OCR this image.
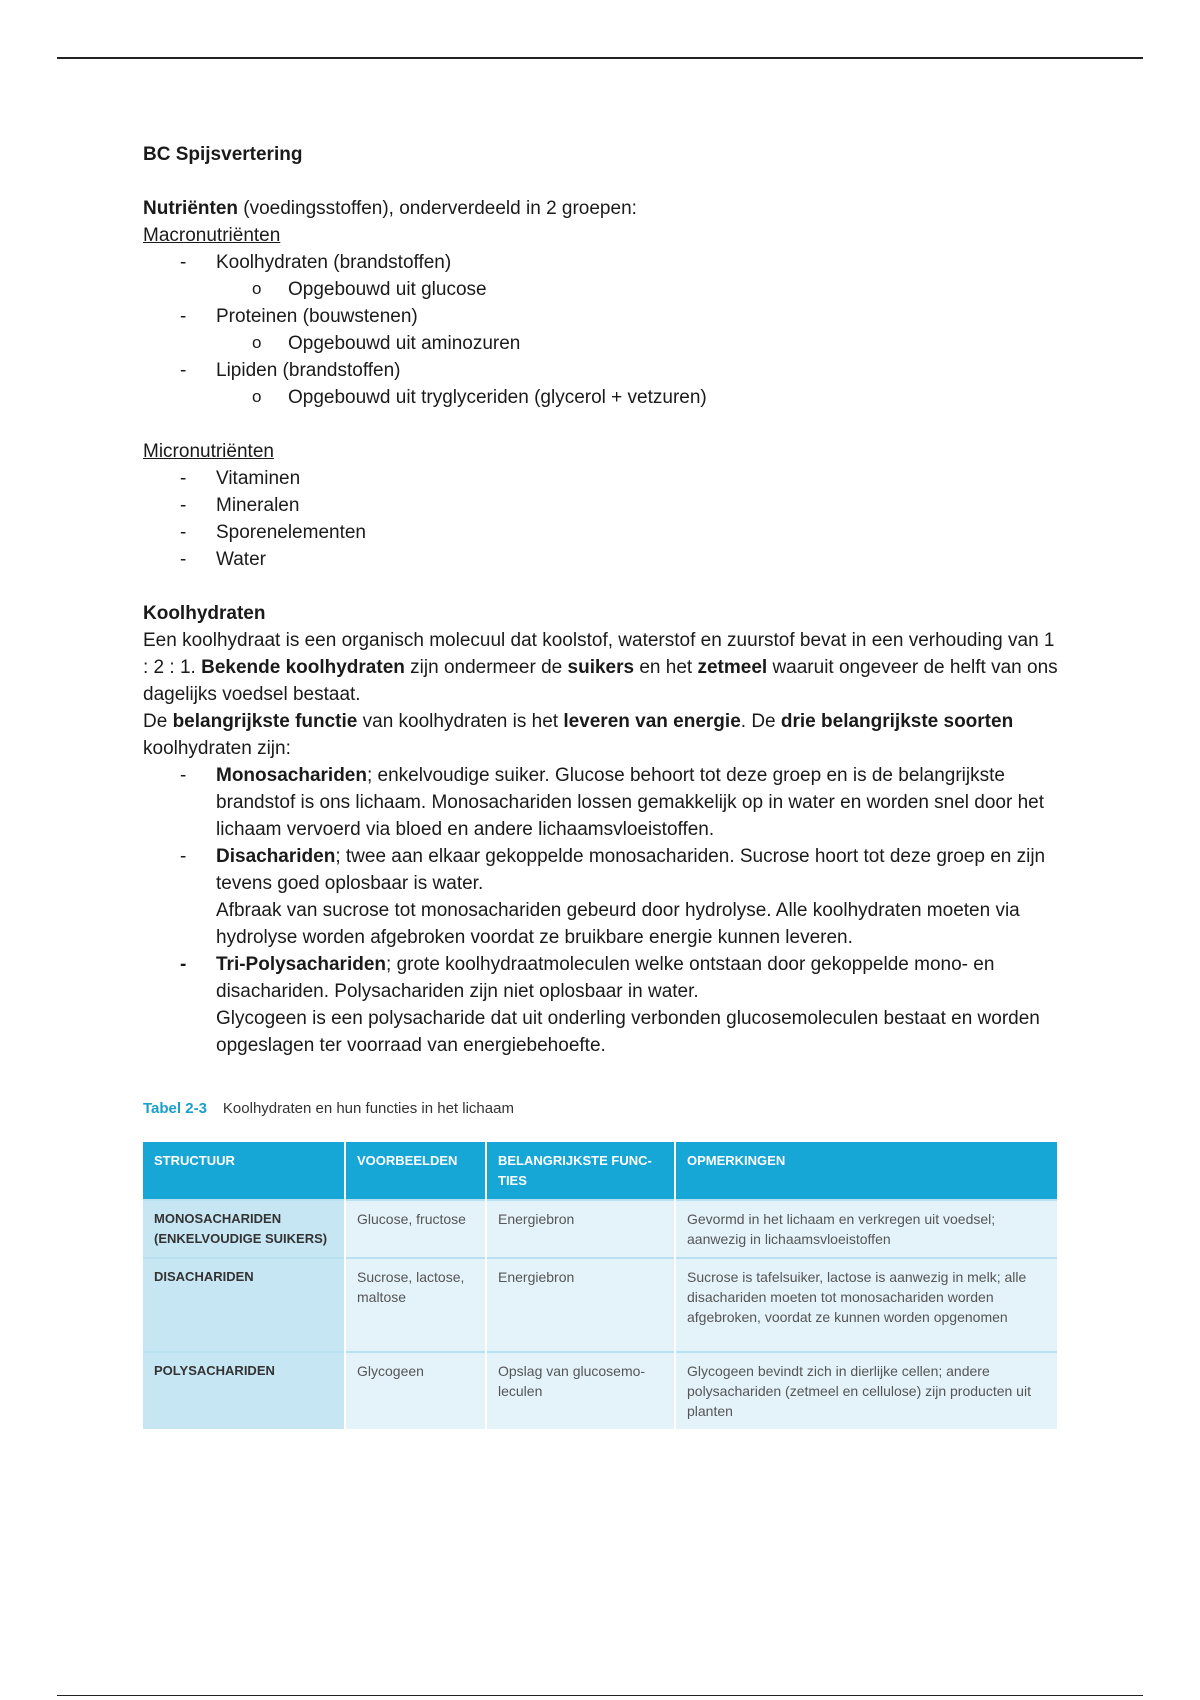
BC Spijsvertering

Nutriënten (voedingsstoffen), onderverdeeld in 2 groepen:

Macronutriënten

- Koolhydraten (brandstoffen)
o Opgebouwd uit glucose
- Proteinen (bouwstenen)
o Opgebouwd uit aminozuren
- Lipiden (brandstoffen)
o Opgebouwd uit tryglyceriden (glycerol + vetzuren)

Micronutriënten

- Vitaminen
- Mineralen
- Sporenelementen
- Water

Koolhydraten

Een koolhydraat is een organisch molecuul dat koolstof, waterstof en zuurstof bevat in een verhouding van 1 : 2 : 1. Bekende koolhydraten zijn ondermeer de suikers en het zetmeel waaruit ongeveer de helft van ons dagelijks voedsel bestaat.

De belangrijkste functie van koolhydraten is het leveren van energie. De drie belangrijkste soorten koolhydraten zijn:

- Monosachariden; enkelvoudige suiker. Glucose behoort tot deze groep en is de belangrijkste brandstof is ons lichaam. Monosachariden lossen gemakkelijk op in water en worden snel door het lichaam vervoerd via bloed en andere lichaamsvloeistoffen.
- Disachariden; twee aan elkaar gekoppelde monosachariden. Sucrose hoort tot deze groep en zijn tevens goed oplosbaar is water.
Afbraak van sucrose tot monosachariden gebeurd door hydrolyse. Alle koolhydraten moeten via hydrolyse worden afgebroken voordat ze bruikbare energie kunnen leveren.
- Tri-Polysachariden; grote koolhydraatmoleculen welke ontstaan door gekoppelde mono- en disachariden. Polysachariden zijn niet oplosbaar in water.
Glycogeen is een polysacharide dat uit onderling verbonden glucosemoleculen bestaat en worden opgeslagen ter voorraad van energiebehoefte.
Tabel 2-3 Koolhydraten en hun functies in het lichaam
STRUCTUUR	VOORBEELDEN	BELANGRIJKSTE FUNC- TIES	OPMERKINGEN
MONOSACHARIDEN (ENKELVOUDIGE SUIKERS)	Glucose, fructose	Energiebron	Gevormd in het lichaam en verkregen uit voedsel; aanwezig in lichaamsvloeistoffen
DISACHARIDEN	Sucrose, lactose, maltose	Energiebron	Sucrose is tafelsuiker, lactose is aanwezig in melk; alle disachariden moeten tot monosachariden worden afgebroken, voordat ze kunnen worden opgenomen
POLYSACHARIDEN	Glycogeen	Opslag van glucosemo- leculen	Glycogeen bevindt zich in dierlijke cellen; andere polysachariden (zetmeel en cellulose) zijn producten uit planten
